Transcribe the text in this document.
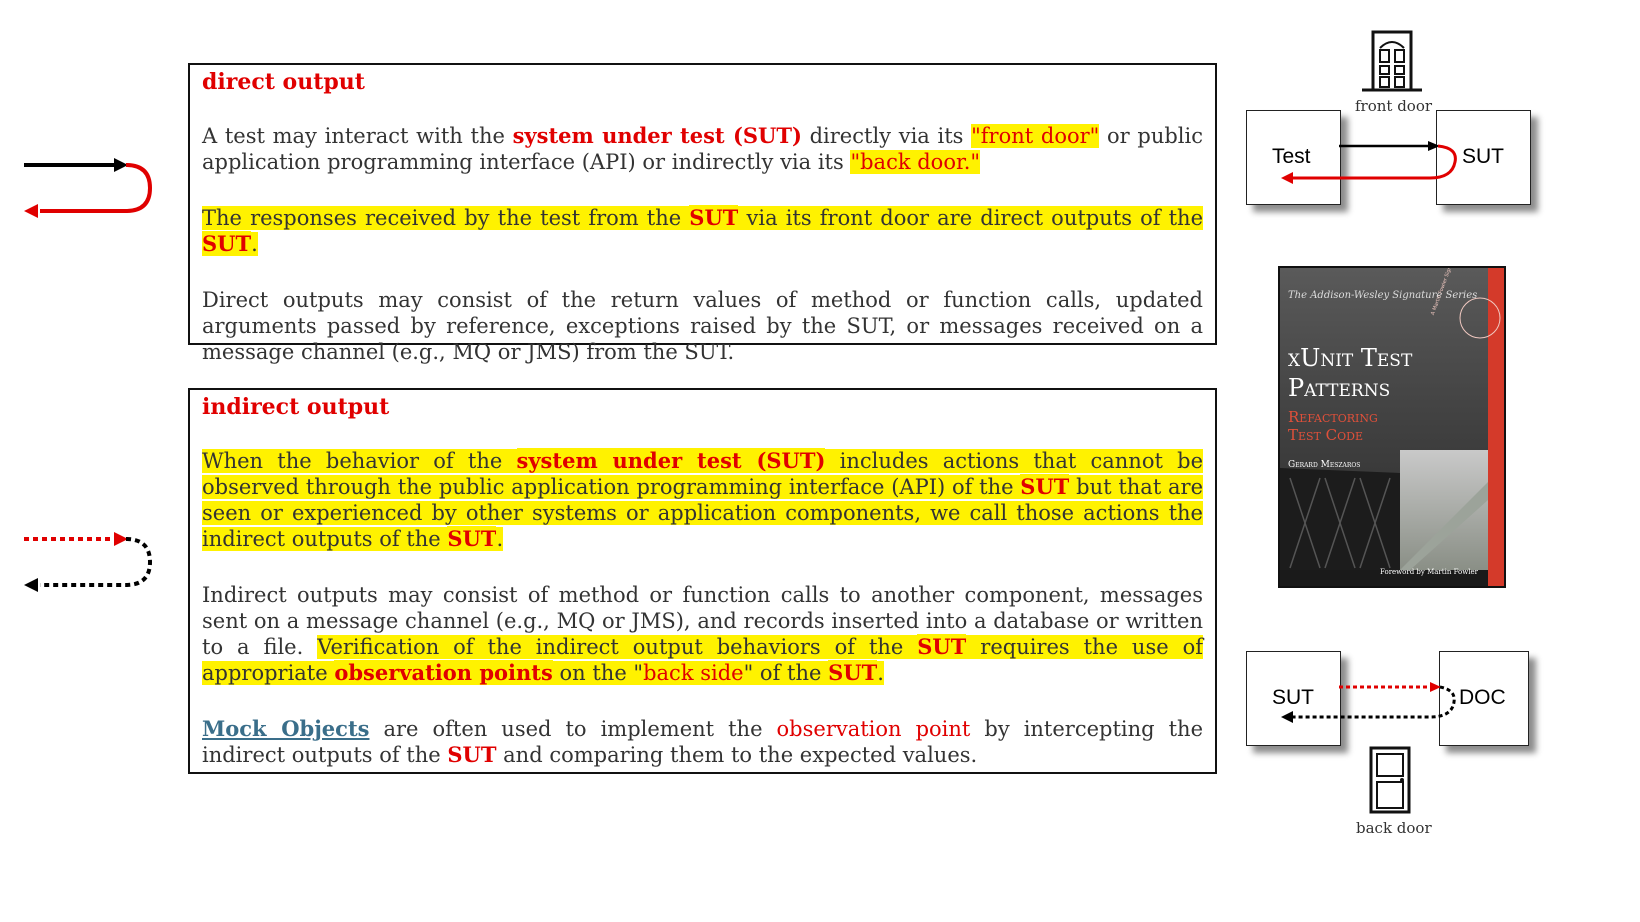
direct output
A test may interact with the system under test (SUT) directly via its "front door" or public application programming interface (API) or indirectly via its "back door."
The responses received by the test from the SUT via its front door are direct outputs of the SUT.
Direct outputs may consist of the return values of method or function calls, updated arguments passed by reference, exceptions raised by the SUT, or messages received on a message channel (e.g., MQ or JMS) from the SUT.
indirect output
When the behavior of the system under test (SUT) includes actions that cannot be observed through the public application programming interface (API) of the SUT but that are seen or experienced by other systems or application components, we call those actions the indirect outputs of the SUT.
Indirect outputs may consist of method or function calls to another component, messages sent on a message channel (e.g., MQ or JMS), and records inserted into a database or written to a file. Verification of the indirect output behaviors of the SUT requires the use of appropriate observation points on the "back side" of the SUT.
Mock Objects are often used to implement the observation point by intercepting the indirect outputs of the SUT and comparing them to the expected values.
front door
Test	SUT
The Addison-Wesley Signature Series
xUnit Test
Patterns
Refactoring
Test Code
Gerard Meszaros
Foreword by Martin Fowler
SUT	DOC
back door
